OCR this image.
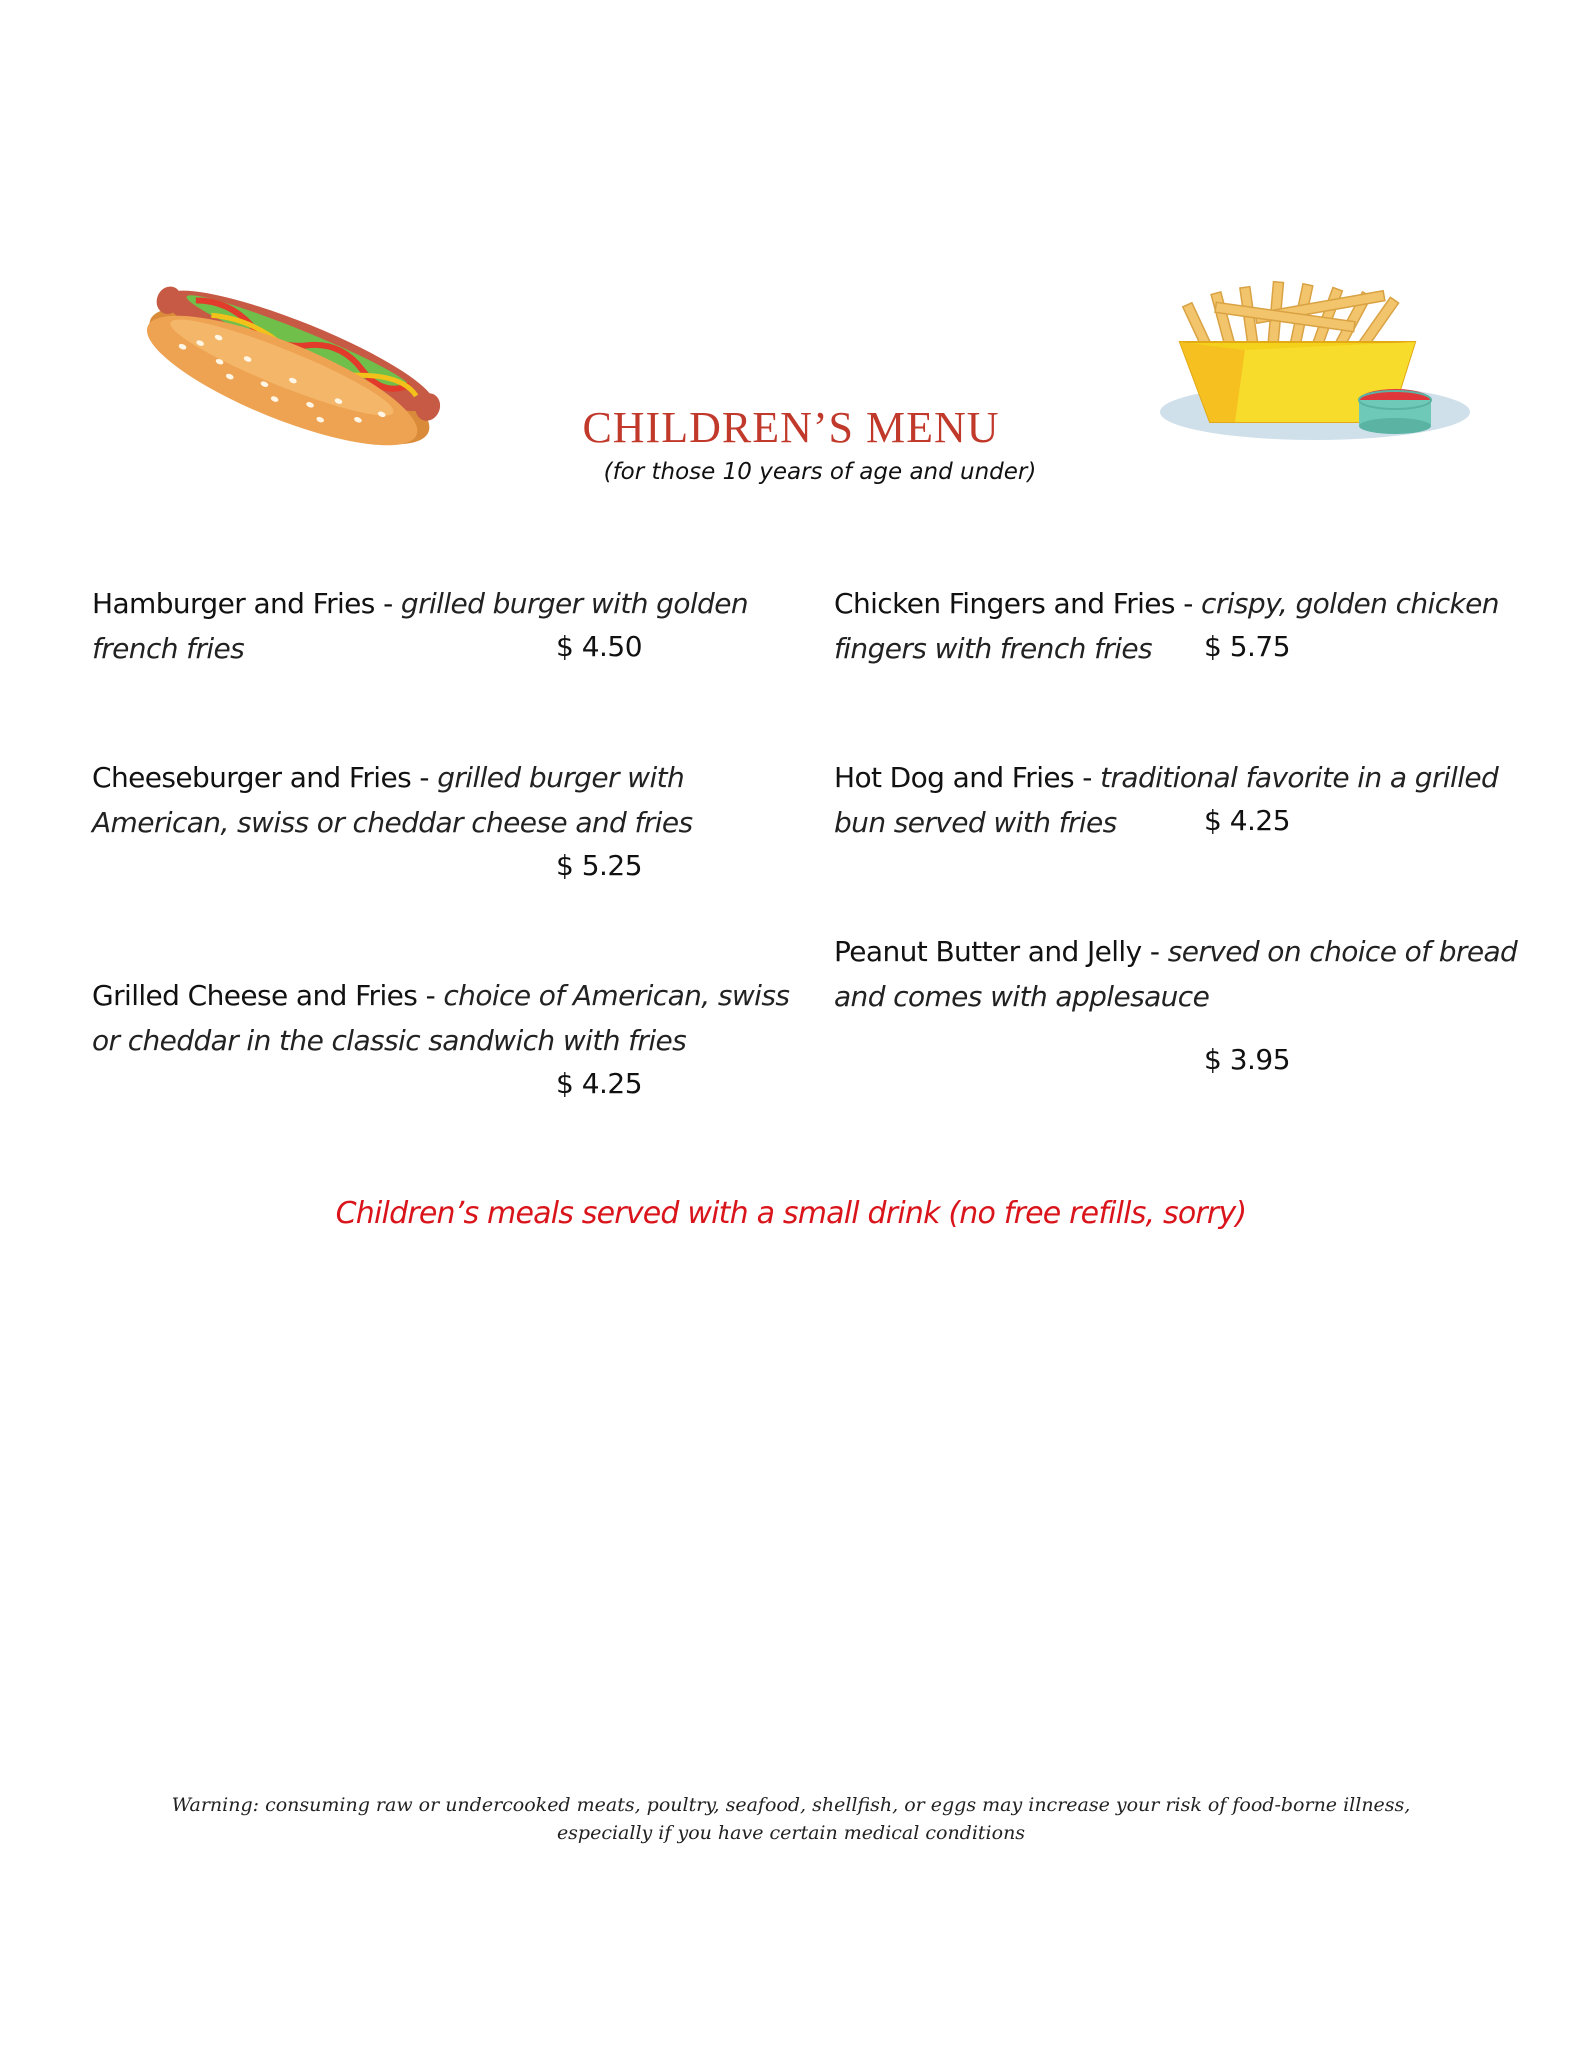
CHILDREN’S MENU
(for those 10 years of age and under)
Hamburger and Fries - grilled burger with golden french fries	$ 4.50
Cheeseburger and Fries - grilled burger with American, swiss or cheddar cheese and fries
$ 5.25
Grilled Cheese and Fries - choice of American, swiss or cheddar in the classic sandwich with fries
$ 4.25
Chicken Fingers and Fries - crispy, golden chicken fingers with french fries	$ 5.75
Hot Dog and Fries - traditional favorite in a grilled bun served with fries	$ 4.25
Peanut Butter and Jelly - served on choice of bread and comes with applesauce
$ 3.95
Children’s meals served with a small drink (no free refills, sorry)
Warning: consuming raw or undercooked meats, poultry, seafood, shellfish, or eggs may increase your risk of food-borne illness,
especially if you have certain medical conditions
